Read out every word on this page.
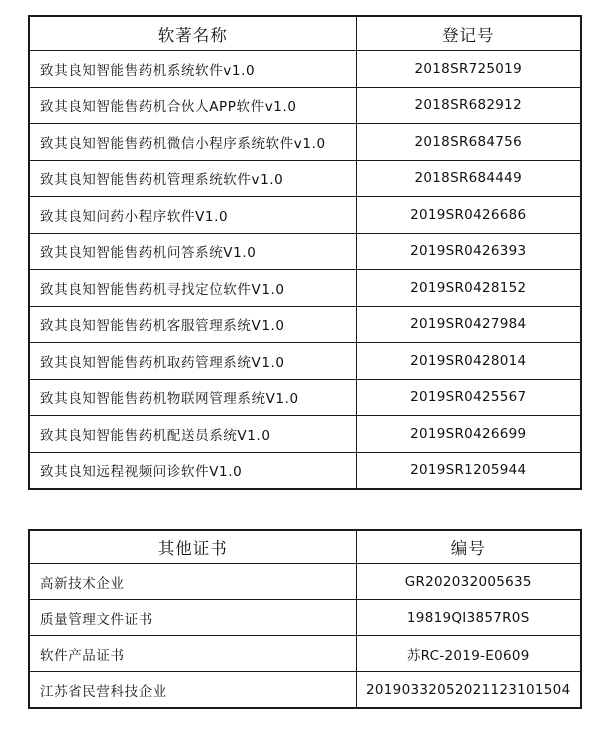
软著名称	登记号
致其良知智能售药机系统软件v1.0	2018SR725019
致其良知智能售药机合伙人APP软件v1.0	2018SR682912
致其良知智能售药机微信小程序系统软件v1.0	2018SR684756
致其良知智能售药机管理系统软件v1.0	2018SR684449
致其良知问药小程序软件V1.0	2019SR0426686
致其良知智能售药机问答系统V1.0	2019SR0426393
致其良知智能售药机寻找定位软件V1.0	2019SR0428152
致其良知智能售药机客服管理系统V1.0	2019SR0427984
致其良知智能售药机取药管理系统V1.0	2019SR0428014
致其良知智能售药机物联网管理系统V1.0	2019SR0425567
致其良知智能售药机配送员系统V1.0	2019SR0426699
致其良知远程视频问诊软件V1.0	2019SR1205944
其他证书	编号
高新技术企业	GR202032005635
质量管理文件证书	19819QI3857R0S
软件产品证书	苏RC-2019-E0609
江苏省民营科技企业	20190332052021123101504
